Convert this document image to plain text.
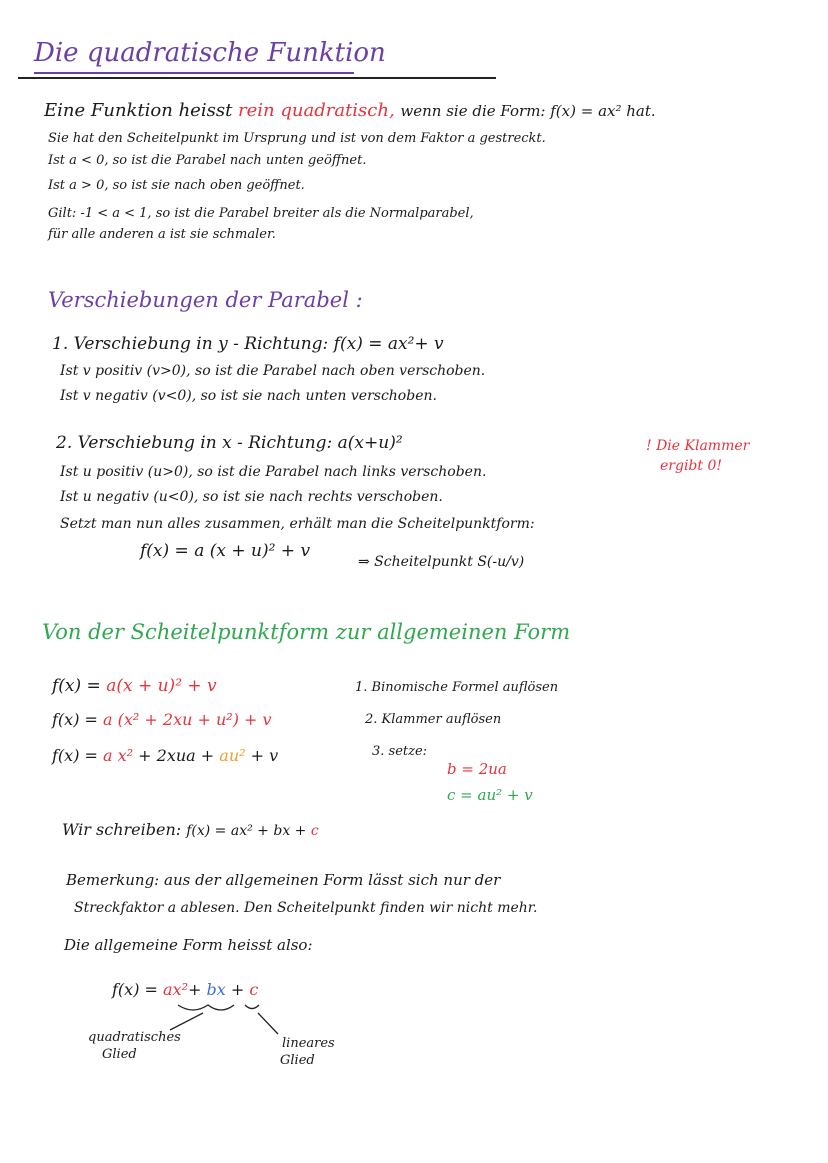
Die quadratische Funktion
Eine Funktion heisst rein quadratisch, wenn sie die Form: f(x) = ax² hat.
Sie hat den Scheitelpunkt im Ursprung und ist von dem Faktor a gestreckt.
Ist a < 0, so ist die Parabel nach unten geöffnet.
Ist a > 0, so ist sie nach oben geöffnet.
Gilt: -1 < a < 1, so ist die Parabel breiter als die Normalparabel,
für alle anderen a ist sie schmaler.
Verschiebungen der Parabel :
1. Verschiebung in y - Richtung: f(x) = ax²+ v
Ist v positiv (v>0), so ist die Parabel nach oben verschoben.
Ist v negativ (v<0), so ist sie nach unten verschoben.
2. Verschiebung in x - Richtung: a(x+u)²
Ist u positiv (u>0), so ist die Parabel nach links verschoben.
Ist u negativ (u<0), so ist sie nach rechts verschoben.
! Die Klammer
ergibt 0!
Setzt man nun alles zusammen, erhält man die Scheitelpunktform:
f(x) = a (x + u)² + v
⇒ Scheitelpunkt S(-u/v)
Von der Scheitelpunktform zur allgemeinen Form
f(x) = a(x + u)² + v
f(x) = a (x² + 2xu + u²) + v
f(x) = a x² + 2xua + au² + v
1. Binomische Formel auflösen
2. Klammer auflösen
3. setze:
b = 2ua
c = au² + v
Wir schreiben: f(x) = ax² + bx + c
Bemerkung: aus der allgemeinen Form lässt sich nur der
Streckfaktor a ablesen. Den Scheitelpunkt finden wir nicht mehr.
Die allgemeine Form heisst also:
f(x) = ax²+ bx + c
quadratisches
Glied
lineares
Glied
